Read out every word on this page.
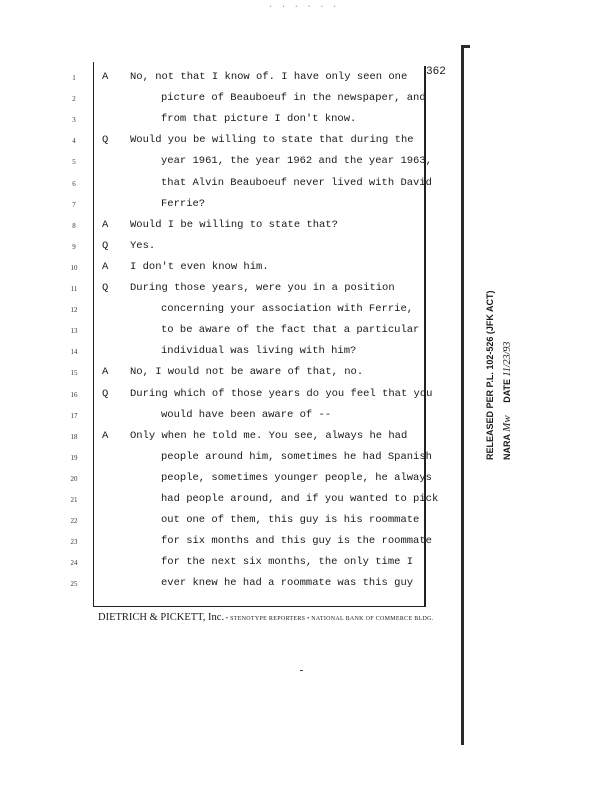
· · · · · ·
362
1	A No, not that I know of. I have only seen one
2	picture of Beauboeuf in the newspaper, and
3	from that picture I don't know.
4	Q Would you be willing to state that during the
5	year 1961, the year 1962 and the year 1963,
6	that Alvin Beauboeuf never lived with David
7	Ferrie?
8	A Would I be willing to state that?
9	Q Yes.
10	A I don't even know him.
11	Q During those years, were you in a position
12	concerning your association with Ferrie,
13	to be aware of the fact that a particular
14	individual was living with him?
15	A No, I would not be aware of that, no.
16	Q During which of those years do you feel that you
17	would have been aware of --
18	A Only when he told me. You see, always he had
19	people around him, sometimes he had Spanish
20	people, sometimes younger people, he always
21	had people around, and if you wanted to pick
22	out one of them, this guy is his roommate
23	for six months and this guy is the roommate
24	for the next six months, the only time I
25	ever knew he had a roommate was this guy
DIETRICH & PICKETT, Inc. • STENOTYPE REPORTERS • NATIONAL BANK OF COMMERCE BLDG.
RELEASED PER P.L. 102-526 (JFK ACT) NARA Mw     DATE 11/23/93
